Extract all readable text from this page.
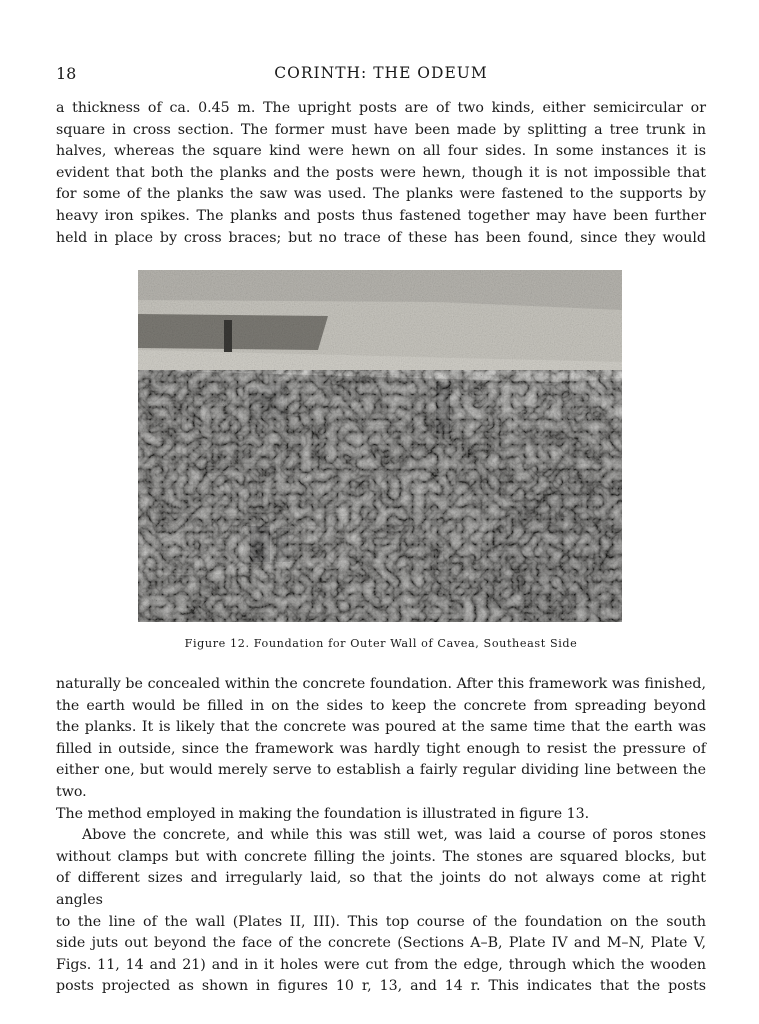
18	CORINTH: THE ODEUM

a thickness of ca. 0.45 m. The upright posts are of two kinds, either semicircular or
square in cross section. The former must have been made by splitting a tree trunk in
halves, whereas the square kind were hewn on all four sides. In some instances it is
evident that both the planks and the posts were hewn, though it is not impossible that
for some of the planks the saw was used. The planks were fastened to the supports by
heavy iron spikes. The planks and posts thus fastened together may have been further
held in place by cross braces; but no trace of these has been found, since they would

Figure 12. Foundation for Outer Wall of Cavea, Southeast Side

naturally be concealed within the concrete foundation. After this framework was finished,
the earth would be filled in on the sides to keep the concrete from spreading beyond
the planks. It is likely that the concrete was poured at the same time that the earth was
filled in outside, since the framework was hardly tight enough to resist the pressure of
either one, but would merely serve to establish a fairly regular dividing line between the two.
The method employed in making the foundation is illustrated in figure 13.

Above the concrete, and while this was still wet, was laid a course of poros stones
without clamps but with concrete filling the joints. The stones are squared blocks, but
of different sizes and irregularly laid, so that the joints do not always come at right angles
to the line of the wall (Plates II, III). This top course of the foundation on the south
side juts out beyond the face of the concrete (Sections A–B, Plate IV and M–N, Plate V,
Figs. 11, 14 and 21) and in it holes were cut from the edge, through which the wooden
posts projected as shown in figures 10 r, 13, and 14 r. This indicates that the posts
